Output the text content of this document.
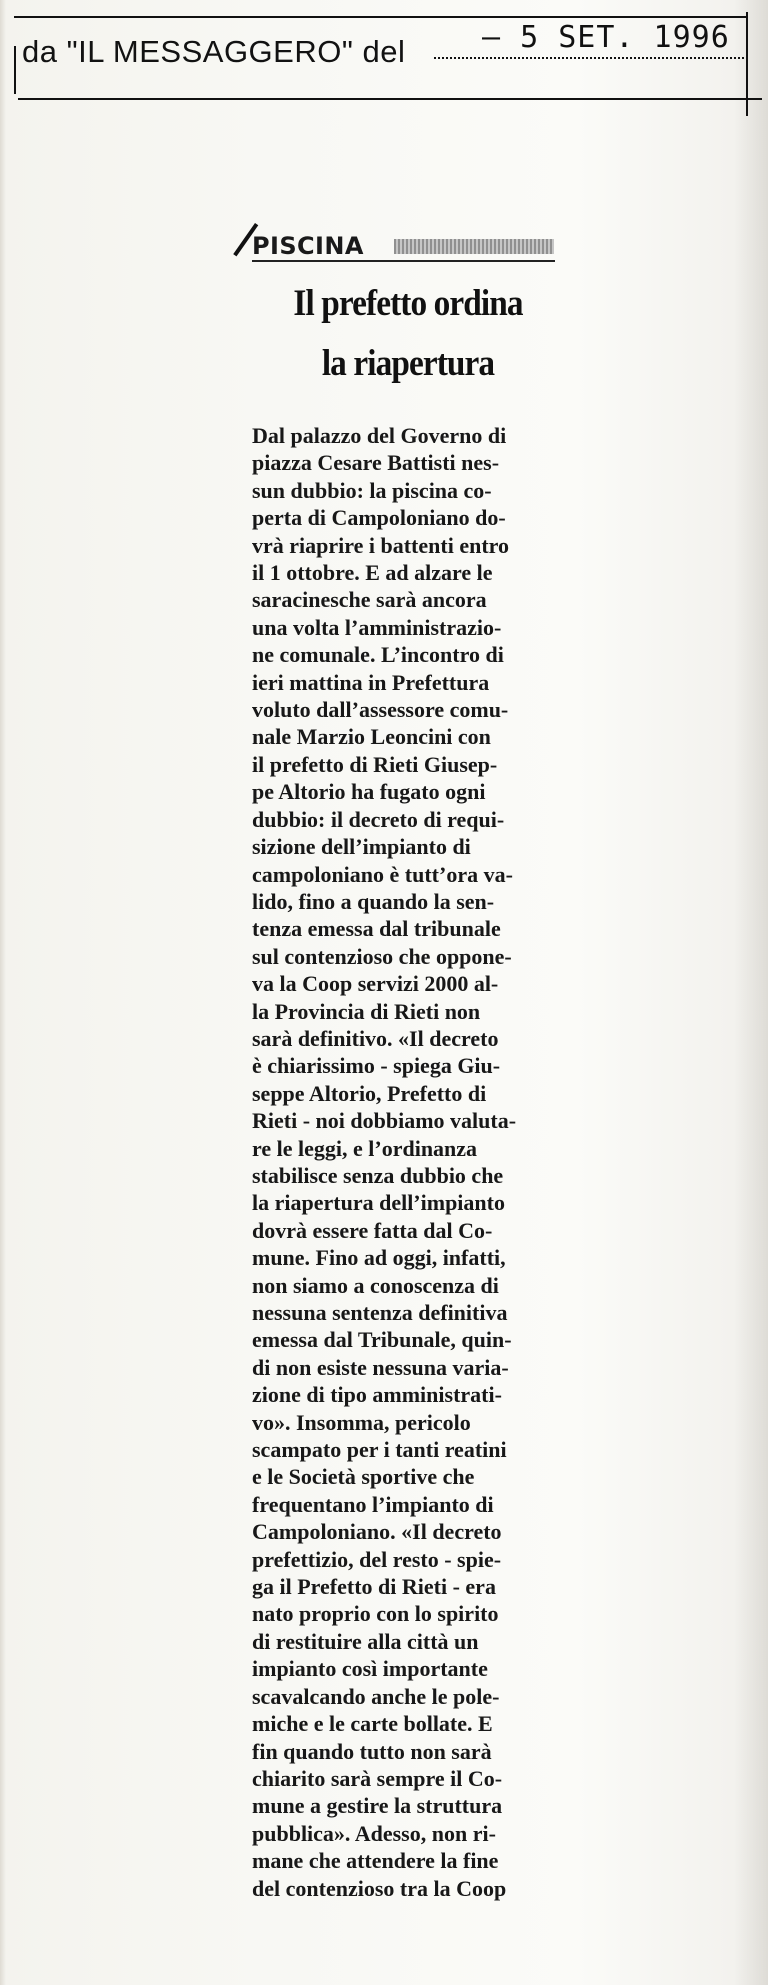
da "IL MESSAGGERO" del	– 5 SET. 1996
PISCINA
Il prefetto ordina
la riapertura
Dal palazzo del Governo di
piazza Cesare Battisti nes-
sun dubbio: la piscina co-
perta di Campoloniano do-
vrà riaprire i battenti entro
il 1 ottobre. E ad alzare le
saracinesche sarà ancora
una volta l’amministrazio-
ne comunale. L’incontro di
ieri mattina in Prefettura
voluto dall’assessore comu-
nale Marzio Leoncini con
il prefetto di Rieti Giusep-
pe Altorio ha fugato ogni
dubbio: il decreto di requi-
sizione dell’impianto di
campoloniano è tutt’ora va-
lido, fino a quando la sen-
tenza emessa dal tribunale
sul contenzioso che oppone-
va la Coop servizi 2000 al-
la Provincia di Rieti non
sarà definitivo. «Il decreto
è chiarissimo - spiega Giu-
seppe Altorio, Prefetto di
Rieti - noi dobbiamo valuta-
re le leggi, e l’ordinanza
stabilisce senza dubbio che
la riapertura dell’impianto
dovrà essere fatta dal Co-
mune. Fino ad oggi, infatti,
non siamo a conoscenza di
nessuna sentenza definitiva
emessa dal Tribunale, quin-
di non esiste nessuna varia-
zione di tipo amministrati-
vo». Insomma, pericolo
scampato per i tanti reatini
e le Società sportive che
frequentano l’impianto di
Campoloniano. «Il decreto
prefettizio, del resto - spie-
ga il Prefetto di Rieti - era
nato proprio con lo spirito
di restituire alla città un
impianto così importante
scavalcando anche le pole-
miche e le carte bollate. E
fin quando tutto non sarà
chiarito sarà sempre il Co-
mune a gestire la struttura
pubblica». Adesso, non ri-
mane che attendere la fine
del contenzioso tra la Coop
